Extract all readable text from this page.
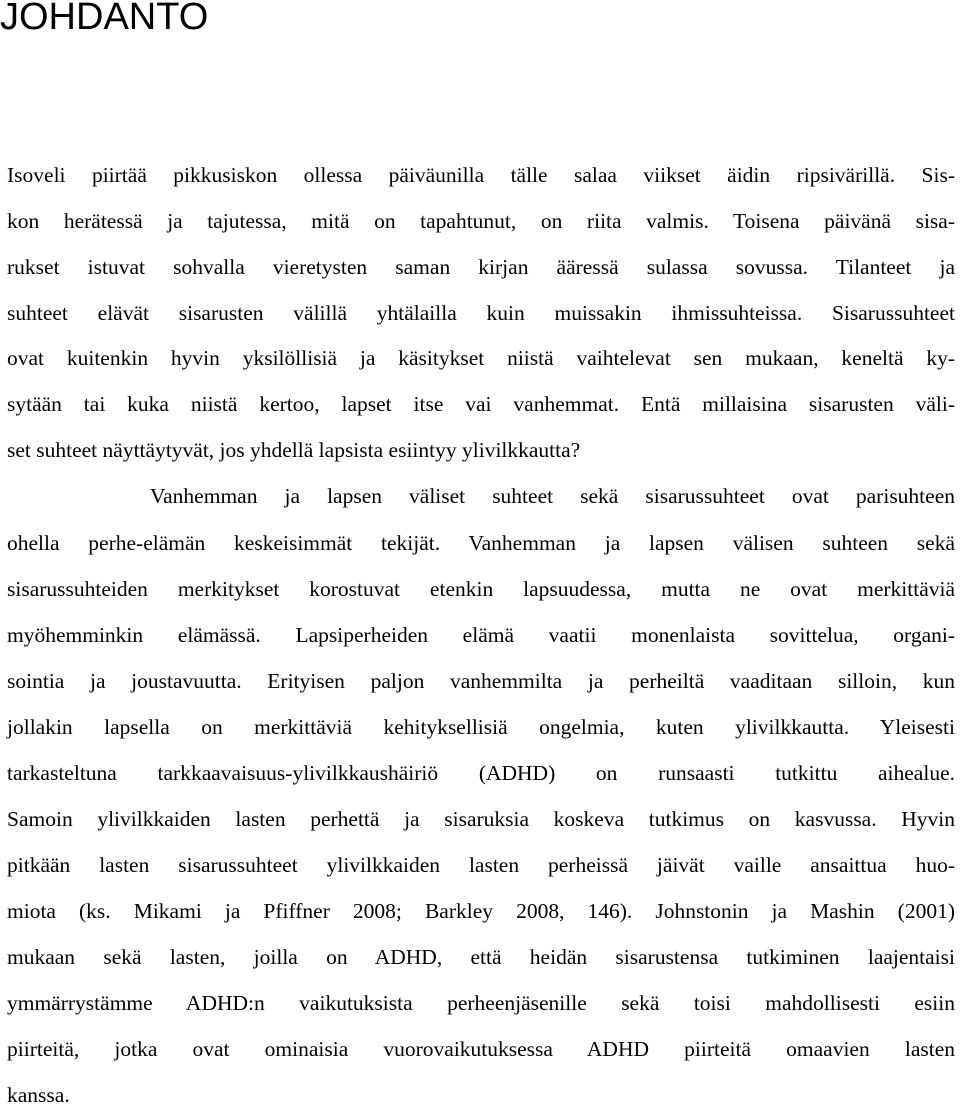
JOHDANTO

Isoveli piirtää pikkusiskon ollessa päiväunilla tälle salaa viikset äidin ripsivärillä. Sis-

kon herätessä ja tajutessa, mitä on tapahtunut, on riita valmis. Toisena päivänä sisa-

rukset istuvat sohvalla vieretysten saman kirjan ääressä sulassa sovussa. Tilanteet ja

suhteet elävät sisarusten välillä yhtälailla kuin muissakin ihmissuhteissa. Sisarussuhteet

ovat kuitenkin hyvin yksilöllisiä ja käsitykset niistä vaihtelevat sen mukaan, keneltä ky-

sytään tai kuka niistä kertoo, lapset itse vai vanhemmat. Entä millaisina sisarusten väli-

set suhteet näyttäytyvät, jos yhdellä lapsista esiintyy ylivilkkautta?

Vanhemman ja lapsen väliset suhteet sekä sisarussuhteet ovat parisuhteen

ohella perhe-elämän keskeisimmät tekijät. Vanhemman ja lapsen välisen suhteen sekä

sisarussuhteiden merkitykset korostuvat etenkin lapsuudessa, mutta ne ovat merkittäviä

myöhemminkin elämässä. Lapsiperheiden elämä vaatii monenlaista sovittelua, organi-

sointia ja joustavuutta. Erityisen paljon vanhemmilta ja perheiltä vaaditaan silloin, kun

jollakin lapsella on merkittäviä kehityksellisiä ongelmia, kuten ylivilkkautta. Yleisesti

tarkasteltuna tarkkaavaisuus-ylivilkkaushäiriö (ADHD) on runsaasti tutkittu aihealue.

Samoin ylivilkkaiden lasten perhettä ja sisaruksia koskeva tutkimus on kasvussa. Hyvin

pitkään lasten sisarussuhteet ylivilkkaiden lasten perheissä jäivät vaille ansaittua huo-

miota (ks. Mikami ja Pfiffner 2008; Barkley 2008, 146). Johnstonin ja Mashin (2001)

mukaan sekä lasten, joilla on ADHD, että heidän sisarustensa tutkiminen laajentaisi

ymmärrystämme ADHD:n vaikutuksista perheenjäsenille sekä toisi mahdollisesti esiin

piirteitä, jotka ovat ominaisia vuorovaikutuksessa ADHD piirteitä omaavien lasten

kanssa.
